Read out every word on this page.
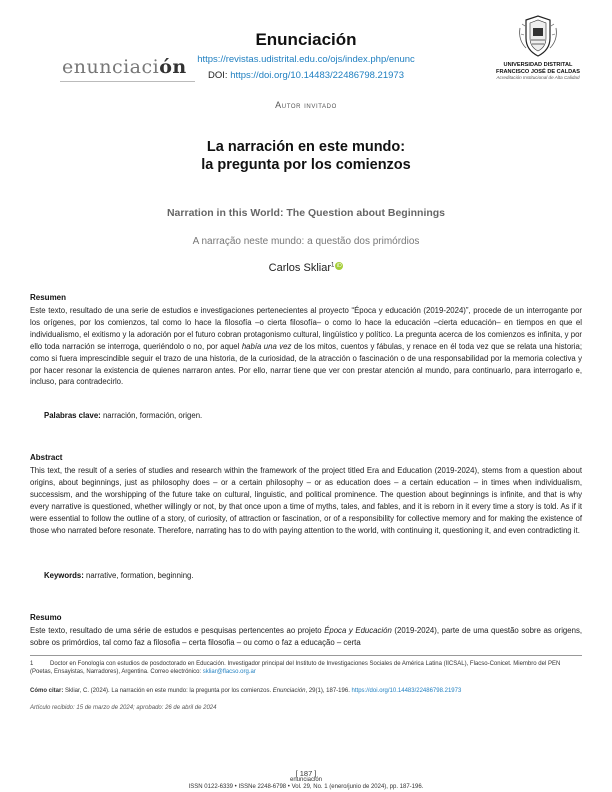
enunciación
Enunciación
https://revistas.udistrital.edu.co/ojs/index.php/enunc
DOI: https://doi.org/10.14483/22486798.21973
UNIVERSIDAD DISTRITAL
FRANCISCO JOSÉ DE CALDAS
Acreditación Institucional de Alta Calidad
Autor invitado
La narración en este mundo:
la pregunta por los comienzos
Narration in this World: The Question about Beginnings
A narração neste mundo: a questão dos primórdios
Carlos Skliar$^1$ iD
Resumen
Este texto, resultado de una serie de estudios e investigaciones pertenecientes al proyecto “Época y educación (2019-2024)”, procede de un interrogante por los orígenes, por los comienzos, tal como lo hace la filosofía –o cierta filosofía– o como lo hace la educación –cierta educación– en tiempos en que el individualismo, el exitismo y la adoración por el futuro cobran protagonismo cultural, lingüístico y político. La pregunta acerca de los comienzos es infinita, y por ello toda narración se interroga, queriéndolo o no, por aquel había una vez de los mitos, cuentos y fábulas, y renace en él toda vez que se relata una historia; como si fuera imprescindible seguir el trazo de una historia, de la curiosidad, de la atracción o fascinación o de una responsabilidad por la memoria colectiva y por hacer resonar la existencia de quienes narraron antes. Por ello, narrar tiene que ver con prestar atención al mundo, para continuarlo, para interrogarlo e, incluso, para contradecirlo.
Palabras clave: narración, formación, origen.
Abstract
This text, the result of a series of studies and research within the framework of the project titled Era and Education (2019-2024), stems from a question about origins, about beginnings, just as philosophy does – or a certain philosophy – or as education does – a certain education – in times when individualism, successism, and the worshipping of the future take on cultural, linguistic, and political prominence. The question about beginnings is infinite, and that is why every narrative is questioned, whether willingly or not, by that once upon a time of myths, tales, and fables, and it is reborn in it every time a story is told. As if it were essential to follow the outline of a story, of curiosity, of attraction or fascination, or of a responsibility for collective memory and for making the existence of those who narrated before resonate. Therefore, narrating has to do with paying attention to the world, with continuing it, questioning it, and even contradicting it.
Keywords: narrative, formation, beginning.
Resumo
Este texto, resultado de uma série de estudos e pesquisas pertencentes ao projeto Época y Educación (2019-2024), parte de uma questão sobre as origens, sobre os primórdios, tal como faz a filosofia – certa filosofia – ou como o faz a educação – certa
1	Doctor en Fonología con estudios de posdoctorado en Educación. Investigador principal del Instituto de Investigaciones Sociales de América Latina (IICSAL), Flacso-Conicet. Miembro del PEN (Poetas, Ensayistas, Narradores), Argentina. Correo electrónico: skliar@flacso.org.ar
Cómo citar: Skliar, C. (2024). La narración en este mundo: la pregunta por los comienzos. Enunciación, 29(1), 187-196. https://doi.org/10.14483/22486798.21973
Artículo recibido: 15 de marzo de 2024; aprobado: 26 de abril de 2024
[ 187 ]
enunciación
ISSN 0122-6339 • ISSNe 2248-6798 • Vol. 29, No. 1 (enero/junio de 2024), pp. 187-196.
